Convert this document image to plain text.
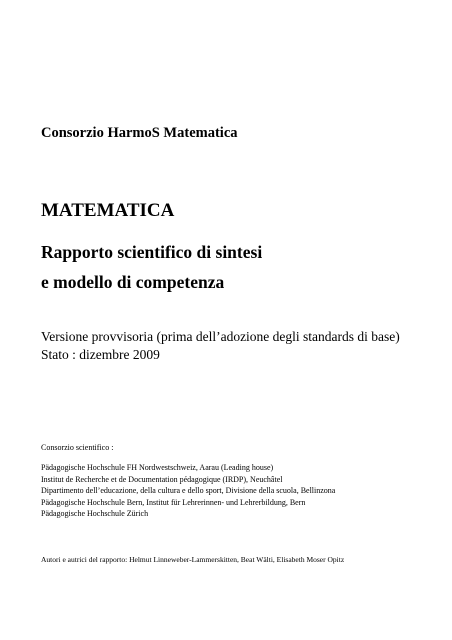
Consorzio HarmoS Matematica
MATEMATICA
Rapporto scientifico di sintesi
e modello di competenza
Versione provvisoria (prima dell’adozione degli standards di base)
Stato : dizembre 2009
Consorzio scientifico :
Pädagogische Hochschule FH Nordwestschweiz, Aarau (Leading house)
Institut de Recherche et de Documentation pédagogique (IRDP), Neuchâtel
Dipartimento dell’educazione, della cultura e dello sport, Divisione della scuola, Bellinzona
Pädagogische Hochschule Bern, Institut für Lehrerinnen- und Lehrerbildung, Bern
Pädagogische Hochschule Zürich
Autori e autrici del rapporto: Helmut Linneweber-Lammerskitten, Beat Wälti, Elisabeth Moser Opitz
